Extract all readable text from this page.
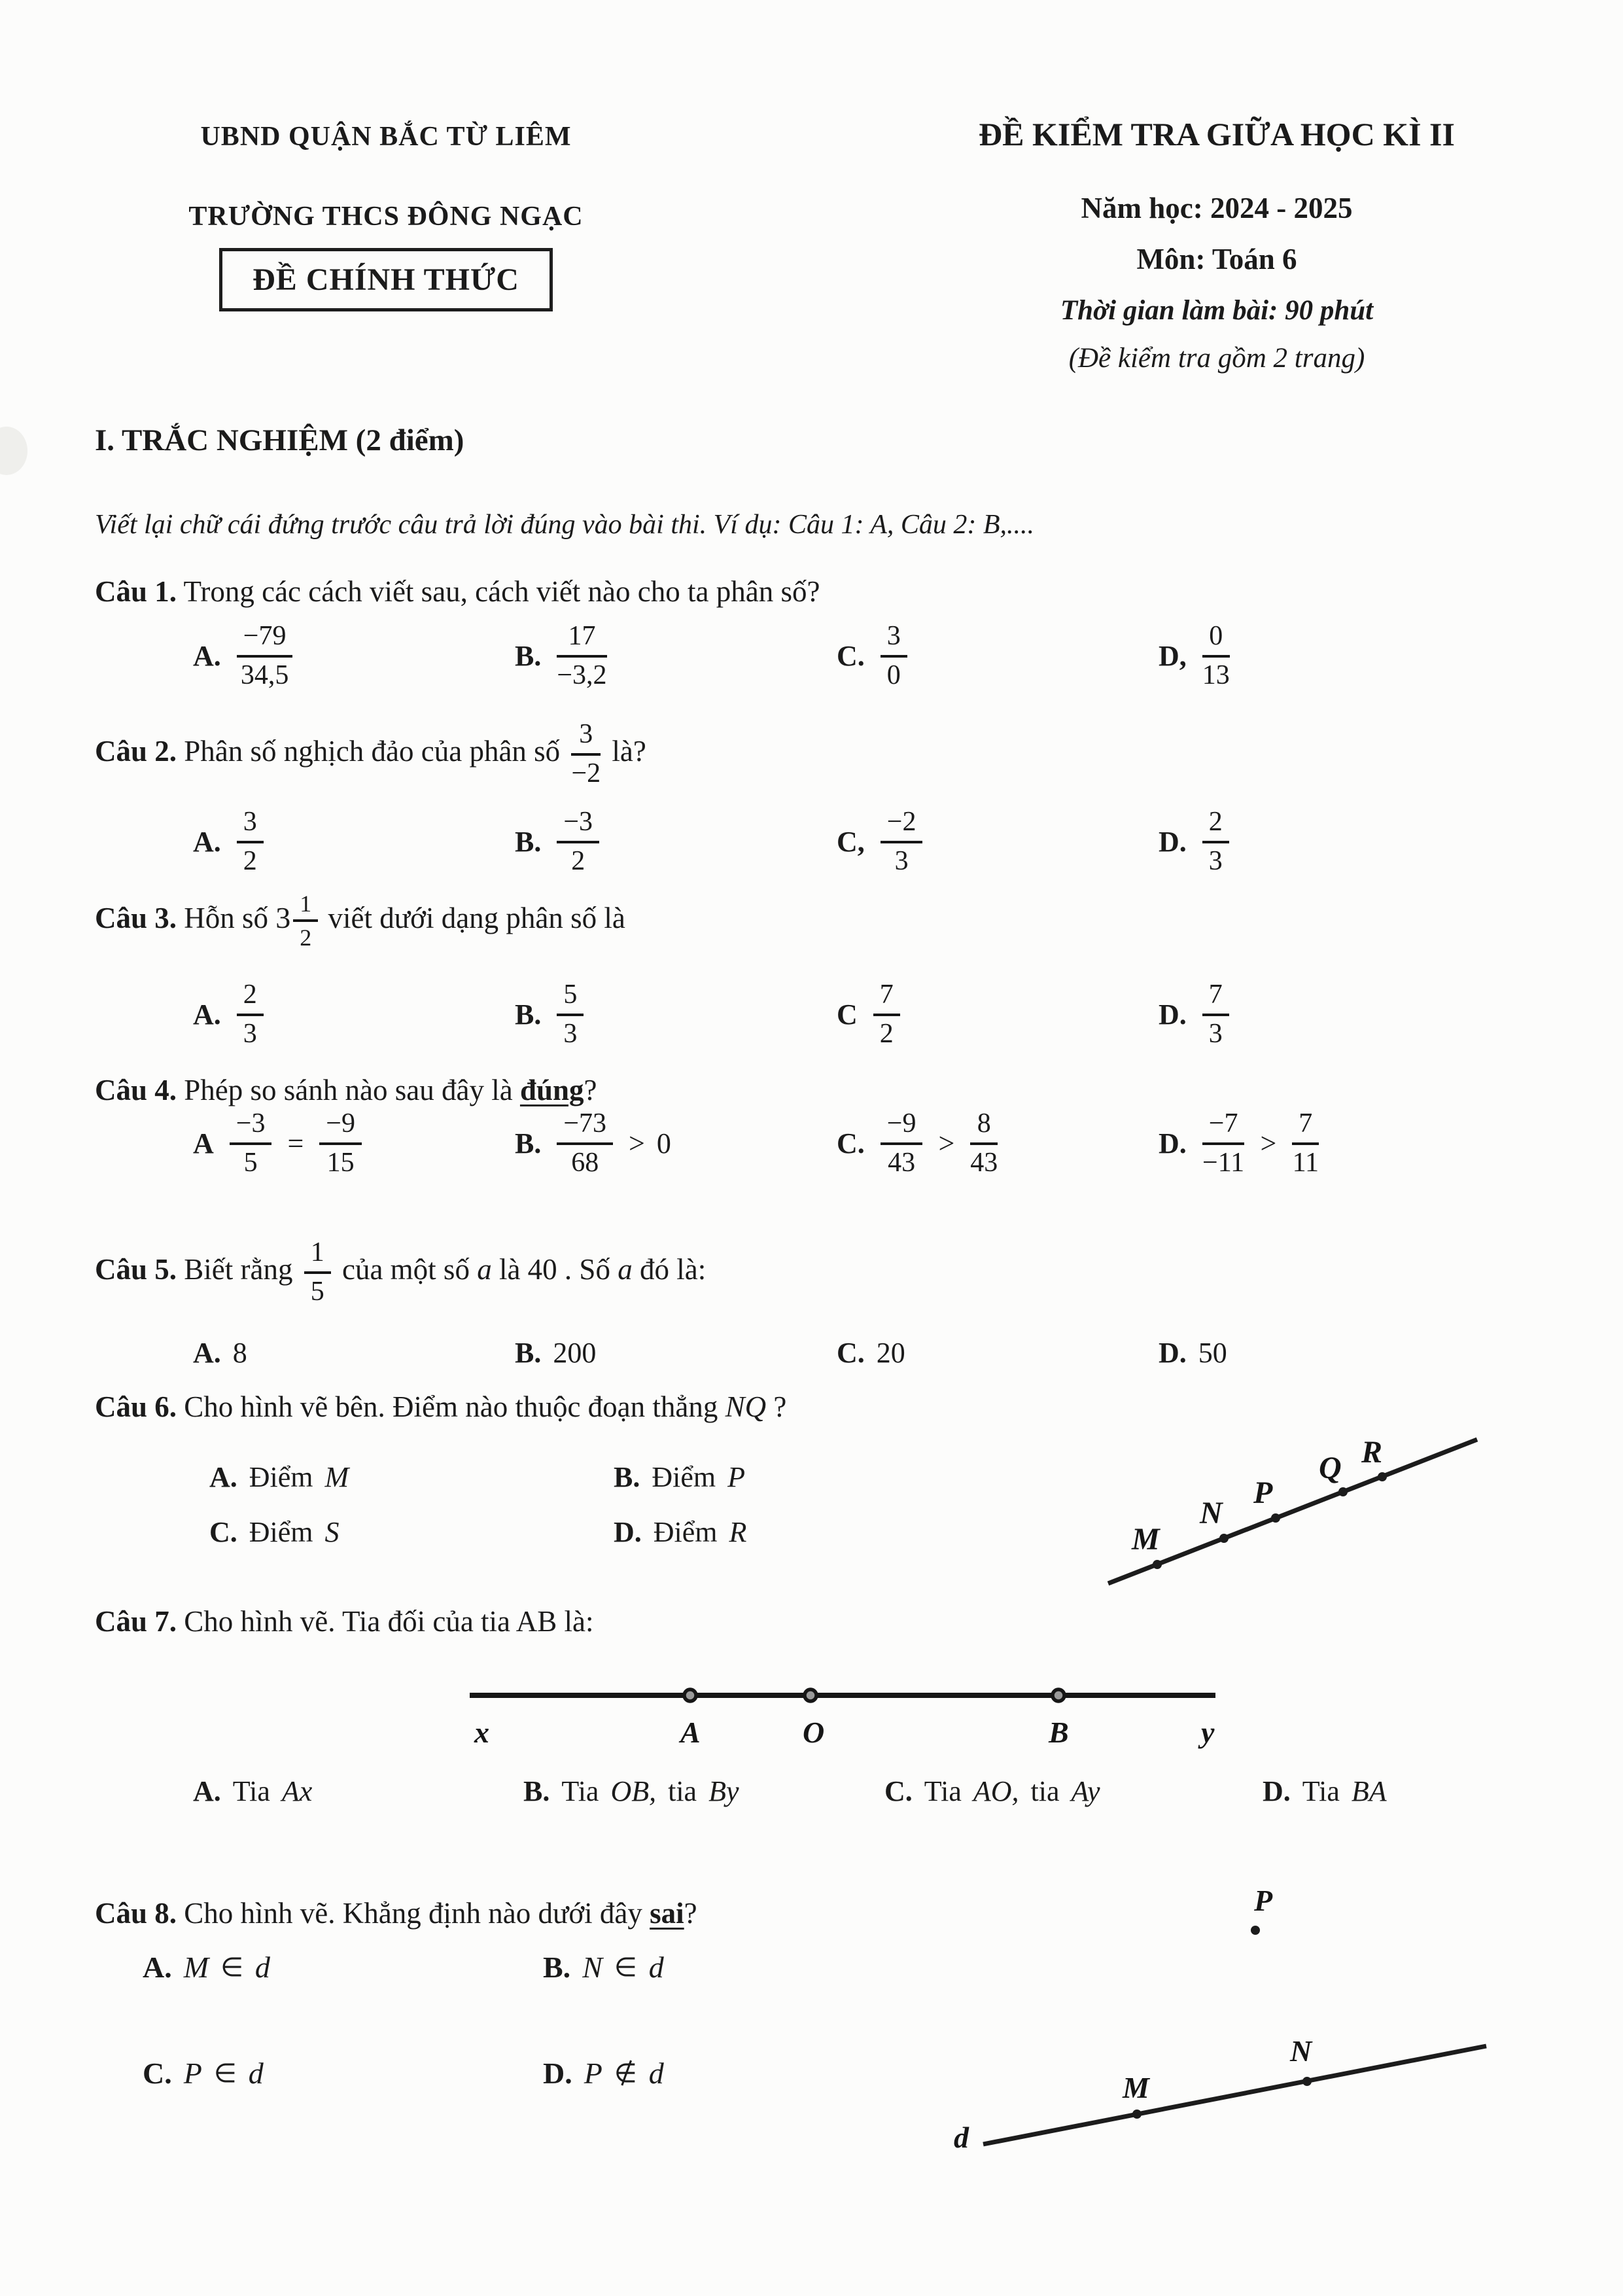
UBND QUẬN BẮC TỪ LIÊM
TRƯỜNG THCS ĐÔNG NGẠC
ĐỀ CHÍNH THỨC
ĐỀ KIỂM TRA GIỮA HỌC KÌ II
Năm học: 2024 - 2025
Môn: Toán 6
Thời gian làm bài: 90 phút
(Đề kiểm tra gồm 2 trang)
I. TRẮC NGHIỆM (2 điểm)
Viết lại chữ cái đứng trước câu trả lời đúng vào bài thi. Ví dụ: Câu 1: A, Câu 2: B,....
Câu 1. Trong các cách viết sau, cách viết nào cho ta phân số?
A. $\frac{-79}{34,5}$	B. $\frac{17}{-3,2}$	C. $\frac{3}{0}$	D, $\frac{0}{13}$
Câu 2. Phân số nghịch đảo của phân số $\frac{3}{-2}$ là?
A. $\frac{3}{2}$	B. $\frac{-3}{2}$	C, $\frac{-2}{3}$	D. $\frac{2}{3}$
Câu 3. Hỗn số $3 \frac{1}{2}$ viết dưới dạng phân số là
A. $\frac{2}{3}$	B. $\frac{5}{3}$	C $\frac{7}{2}$	D. $\frac{7}{3}$
Câu 4. Phép so sánh nào sau đây là đúng?
A $\frac{-3}{5} = \frac{-9}{15}$	B. $\frac{-73}{68} > 0$	C. $\frac{-9}{43} > \frac{8}{43}$	D. $\frac{-7}{-11} > \frac{7}{11}$
Câu 5. Biết rằng $\frac{1}{5}$ của một số a là 40 . Số a đó là:
A. 8	B. 200	C. 20	D. 50
Câu 6. Cho hình vẽ bên. Điểm nào thuộc đoạn thẳng NQ ?
A. Điểm M	B. Điểm P
C. Điểm S	D. Điểm R	M
N
P
Q R
Câu 7. Cho hình vẽ. Tia đối của tia AB là:
x	A	O	B	y
A. Tia Ax	B. Tia OB, tia By	C. Tia AO, tia Ay	D. Tia BA
Câu 8. Cho hình vẽ. Khẳng định nào dưới đây sai?
A. M ∈ d	B. N ∈ d
C. P ∈ d	D. P ∉ d
P
M
N
d
